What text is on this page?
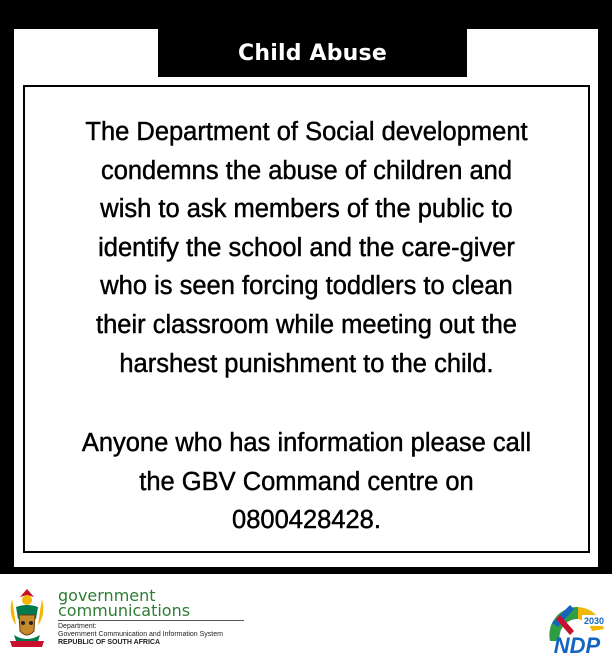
Child Abuse
The Department of Social development
condemns the abuse of children and
wish to ask members of the public to
identify the school and the care-giver
who is seen forcing toddlers to clean
their classroom while meeting out the
harshest punishment to the child.
Anyone who has information please call
the GBV Command centre on
0800428428.
government
communications
Department:
Government Communication and Information System
REPUBLIC OF SOUTH AFRICA
2030
NDP
